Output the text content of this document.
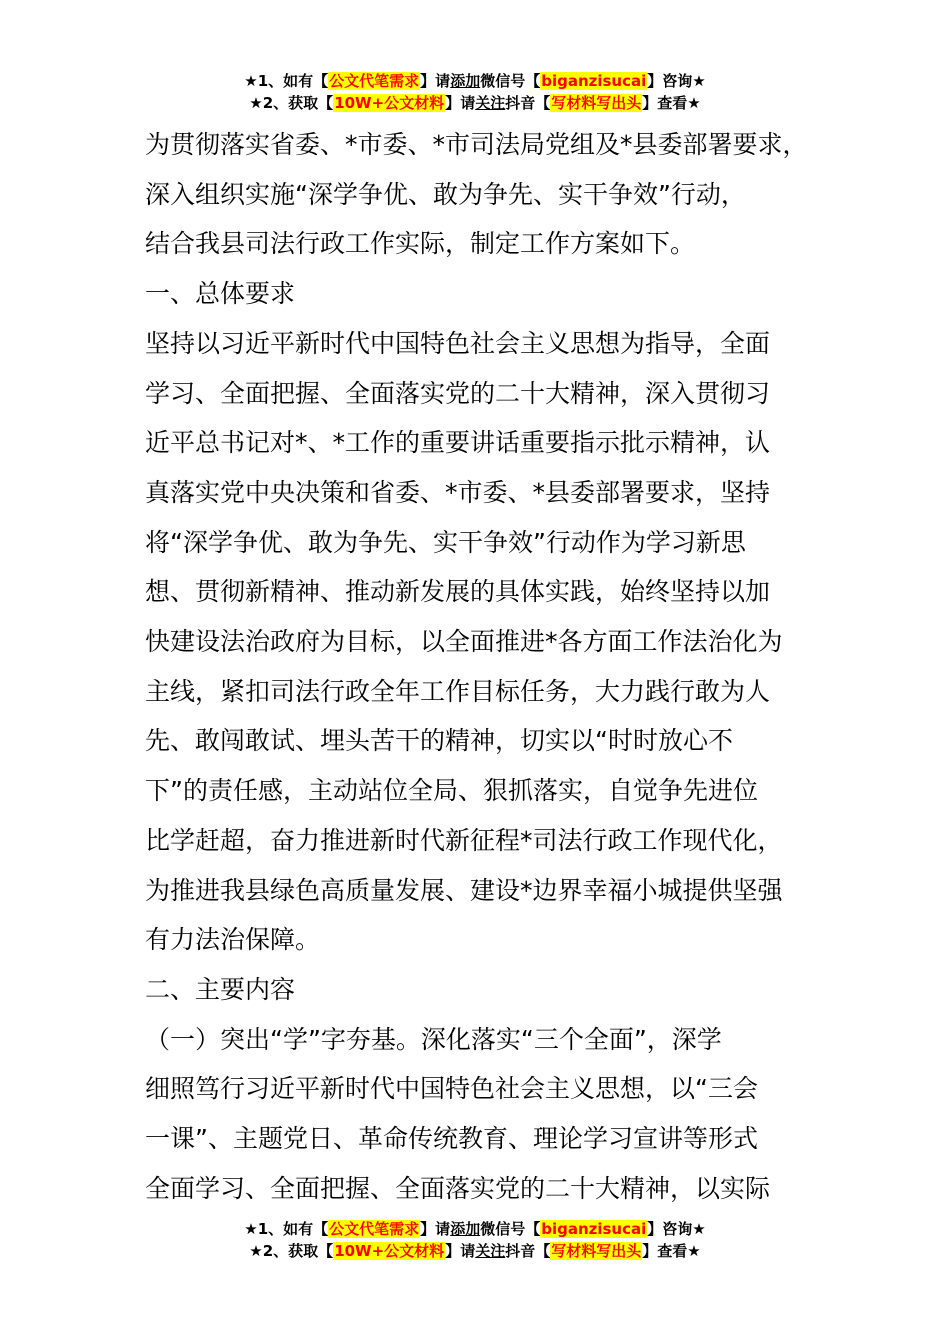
★1、如有【公文代笔需求】请添加微信号【biganzisucai】咨询★
★2、获取【10W+公文材料】请关注抖音【写材料写出头】查看★

为贯彻落实省委、*市委、*市司法局党组及*县委部署要求，

深入组织实施“深学争优、敢为争先、实干争效”行动，

结合我县司法行政工作实际，制定工作方案如下。

一、总体要求

坚持以习近平新时代中国特色社会主义思想为指导，全面

学习、全面把握、全面落实党的二十大精神，深入贯彻习

近平总书记对*、*工作的重要讲话重要指示批示精神，认

真落实党中央决策和省委、*市委、*县委部署要求，坚持

将“深学争优、敢为争先、实干争效”行动作为学习新思

想、贯彻新精神、推动新发展的具体实践，始终坚持以加

快建设法治政府为目标，以全面推进*各方面工作法治化为

主线，紧扣司法行政全年工作目标任务，大力践行敢为人

先、敢闯敢试、埋头苦干的精神，切实以“时时放心不

下”的责任感，主动站位全局、狠抓落实，自觉争先进位

比学赶超，奋力推进新时代新征程*司法行政工作现代化，

为推进我县绿色高质量发展、建设*边界幸福小城提供坚强

有力法治保障。

二、主要内容

（一）突出“学”字夯基。深化落实“三个全面”，深学

细照笃行习近平新时代中国特色社会主义思想，以“三会

一课”、主题党日、革命传统教育、理论学习宣讲等形式

全面学习、全面把握、全面落实党的二十大精神，以实际

★1、如有【公文代笔需求】请添加微信号【biganzisucai】咨询★
★2、获取【10W+公文材料】请关注抖音【写材料写出头】查看★
